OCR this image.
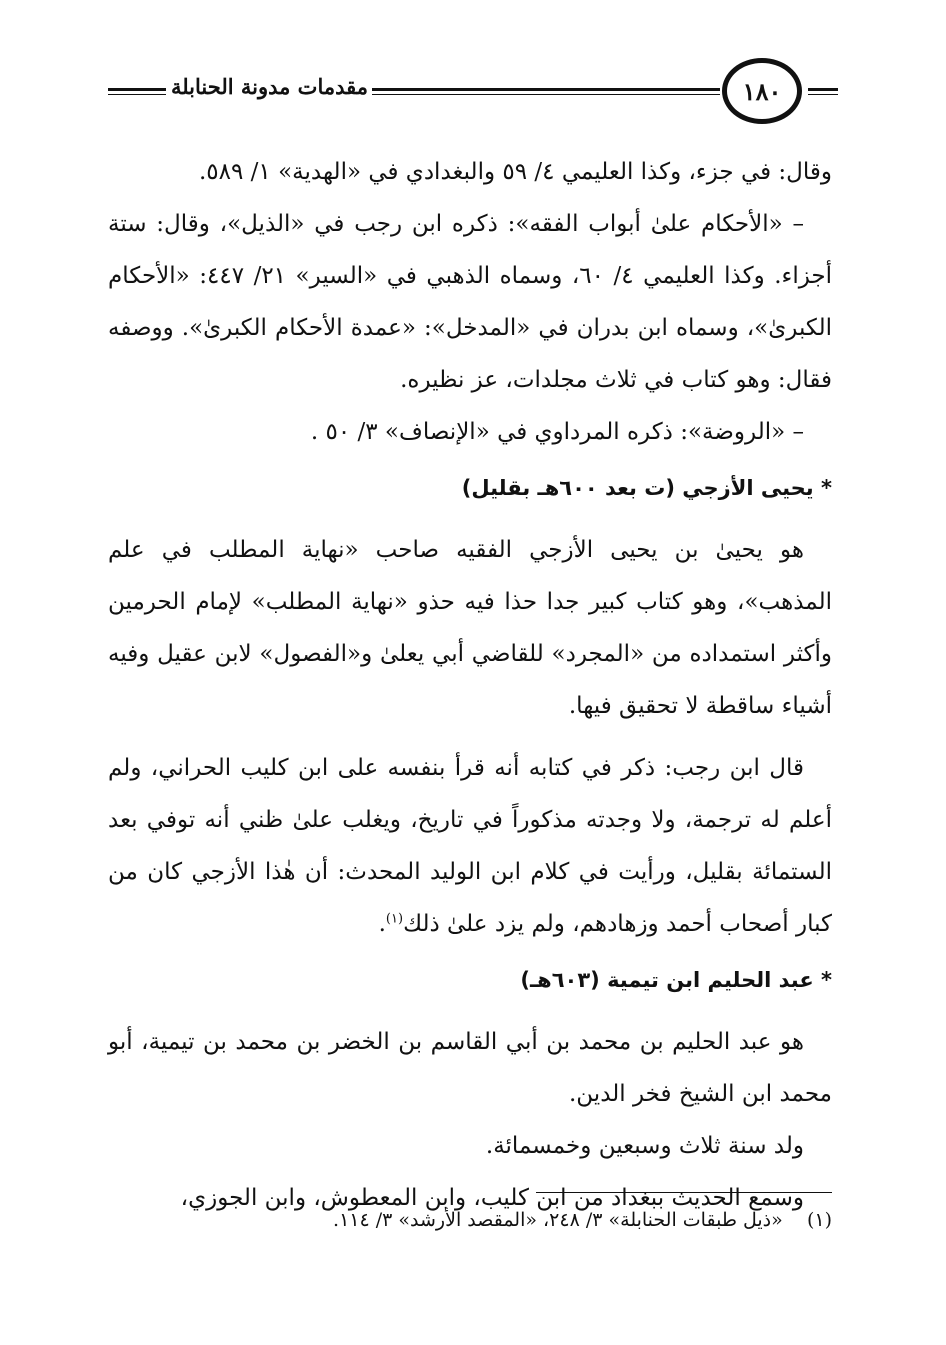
١٨٠
مقدمات مدونة الحنابلة

وقال: في جزء، وكذا العليمي ٤/ ٥٩ والبغدادي في «الهدية» ١/ ٥٨٩.

– «الأحكام علىٰ أبواب الفقه»: ذكره ابن رجب في «الذيل»، وقال: ستة أجزاء. وكذا العليمي ٤/ ٦٠، وسماه الذهبي في «السير» ٢١/ ٤٤٧: «الأحكام الكبرىٰ»، وسماه ابن بدران في «المدخل»: «عمدة الأحكام الكبرىٰ». ووصفه فقال: وهو كتاب في ثلاث مجلدات، عز نظيره.

– «الروضة»: ذكره المرداوي في «الإنصاف» ٣/ ٥٠ .

* يحيى الأزجي (ت بعد ٦٠٠هـ بقليل)

هو يحيىٰ بن يحيى الأزجي الفقيه صاحب «نهاية المطلب في علم المذهب»، وهو كتاب كبير جدا حذا فيه حذو «نهاية المطلب» لإمام الحرمين وأكثر استمداده من «المجرد» للقاضي أبي يعلىٰ و«الفصول» لابن عقيل وفيه أشياء ساقطة لا تحقيق فيها.

قال ابن رجب: ذكر في كتابه أنه قرأ بنفسه على ابن كليب الحراني، ولم أعلم له ترجمة، ولا وجدته مذكوراً في تاريخ، ويغلب علىٰ ظني أنه توفي بعد الستمائة بقليل، ورأيت في كلام ابن الوليد المحدث: أن هٰذا الأزجي كان من كبار أصحاب أحمد وزهادهم، ولم يزد علىٰ ذلك$^{(١)}$.

* عبد الحليم ابن تيمية (٦٠٣هـ)

هو عبد الحليم بن محمد بن أبي القاسم بن الخضر بن محمد بن تيمية، أبو محمد ابن الشيخ فخر الدين.

ولد سنة ثلاث وسبعين وخمسمائة.

وسمع الحديث ببغداد من ابن كليب، وابن المعطوش، وابن الجوزي،

(١)    «ذيل طبقات الحنابلة» ٣/ ٢٤٨، «المقصد الأرشد» ٣/ ١١٤.
